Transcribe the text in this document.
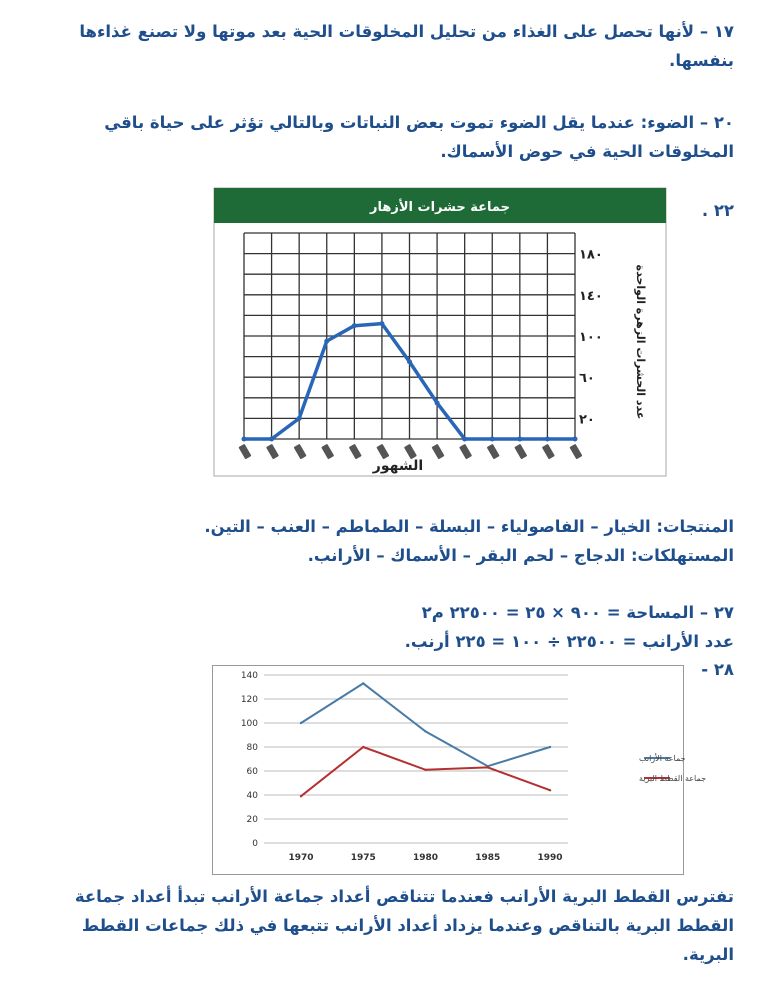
١٧ – لأنها تحصل على الغذاء من تحليل المخلوقات الحية بعد موتها ولا تصنع غذاءها بنفسها.
٢٠ – الضوء: عندما يقل الضوء تموت بعض النباتات وبالتالي تؤثر على حياة باقي المخلوقات الحية في حوض الأسماك.
٢٢ .
جماعة حشرات الأزهار
٢٠
٦٠
١٠٠
١٤٠
١٨٠
الشهور
عدد الحشرات الزهرة الواحدة
المنتجات: الخيار – الفاصولياء – البسلة – الطماطم – العنب – التين.
المستهلكات: الدجاج – لحم البقر – الأسماك – الأرانب.
٢٧ – المساحة = ٩٠٠ × ٢٥ = ٢٢٥٠٠ م٢
عدد الأرانب = ٢٢٥٠٠ ÷ ١٠٠ = ٢٢٥ أرنب.
٢٨ -
0
20
40
60
80
100
120
140
1970	1975	1980	1985	1990
جماعة الأرانب
جماعة القطط البرية
تفترس القطط البرية الأرانب فعندما تتناقص أعداد جماعة الأرانب تبدأ أعداد جماعة القطط البرية بالتناقص وعندما يزداد أعداد الأرانب تتبعها في ذلك جماعات القطط البرية.
